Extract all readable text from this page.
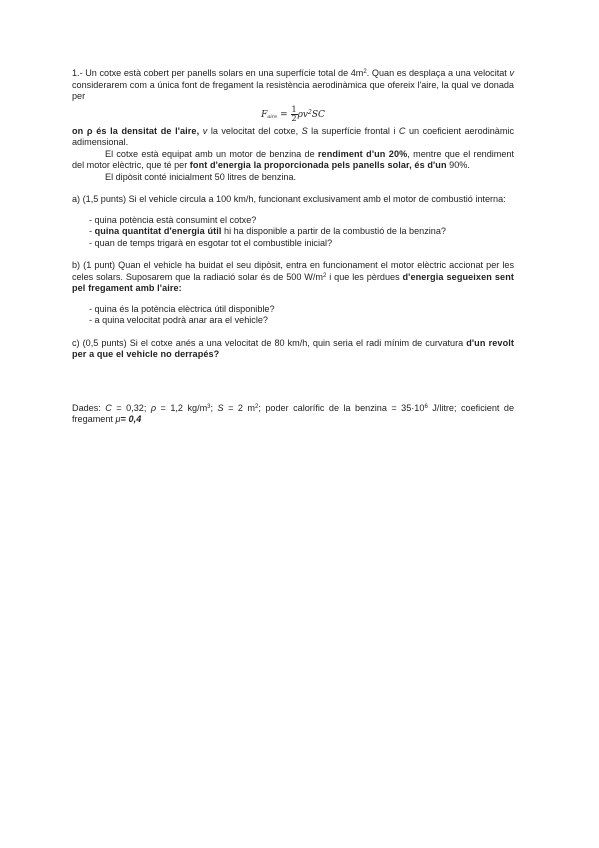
1.- Un cotxe està cobert per panells solars en una superfície total de $4m^2$. Quan es desplaça a una velocitat v considerarem com a única font de fregament la resistència aerodinàmica que ofereix l'aire, la qual ve donada per

$F_{aire} = \frac{1}{2} \rho v^2SC$

on ρ és la densitat de l'aire, v la velocitat del cotxe, S la superfície frontal i C un coeficient aerodinàmic adimensional.

El cotxe està equipat amb un motor de benzina de rendiment d'un 20%, mentre que el rendiment del motor elèctric, que té per font d'energia la proporcionada pels panells solar, és d'un 90%.

El dipòsit conté inicialment 50 litres de benzina.

a) (1,5 punts) Si el vehicle circula a 100 km/h, funcionant exclusivament amb el motor de combustió interna:

- quina potència està consumint el cotxe?
- quina quantitat d'energia útil hi ha disponible a partir de la combustió de la benzina?
- quan de temps trigarà en esgotar tot el combustible inicial?

b) (1 punt) Quan el vehicle ha buidat el seu dipòsit, entra en funcionament el motor elèctric accionat per les celes solars. Suposarem que la radiació solar és de 500 $W/m^2$ i que les pèrdues d'energia segueixen sent pel fregament amb l'aire:

- quina és la potència elèctrica útil disponible?
- a quina velocitat podrà anar ara el vehicle?

c) (0,5 punts) Si el cotxe anés a una velocitat de 80 km/h, quin seria el radi mínim de curvatura d'un revolt per a que el vehicle no derrapés?

Dades: C = 0,32; ρ = 1,2 $kg/m^3$; S = 2 $m^2$; poder calorífic de la benzina = $35\cdot 10^6$ J/litre; coeficient de fregament μ= 0,4
